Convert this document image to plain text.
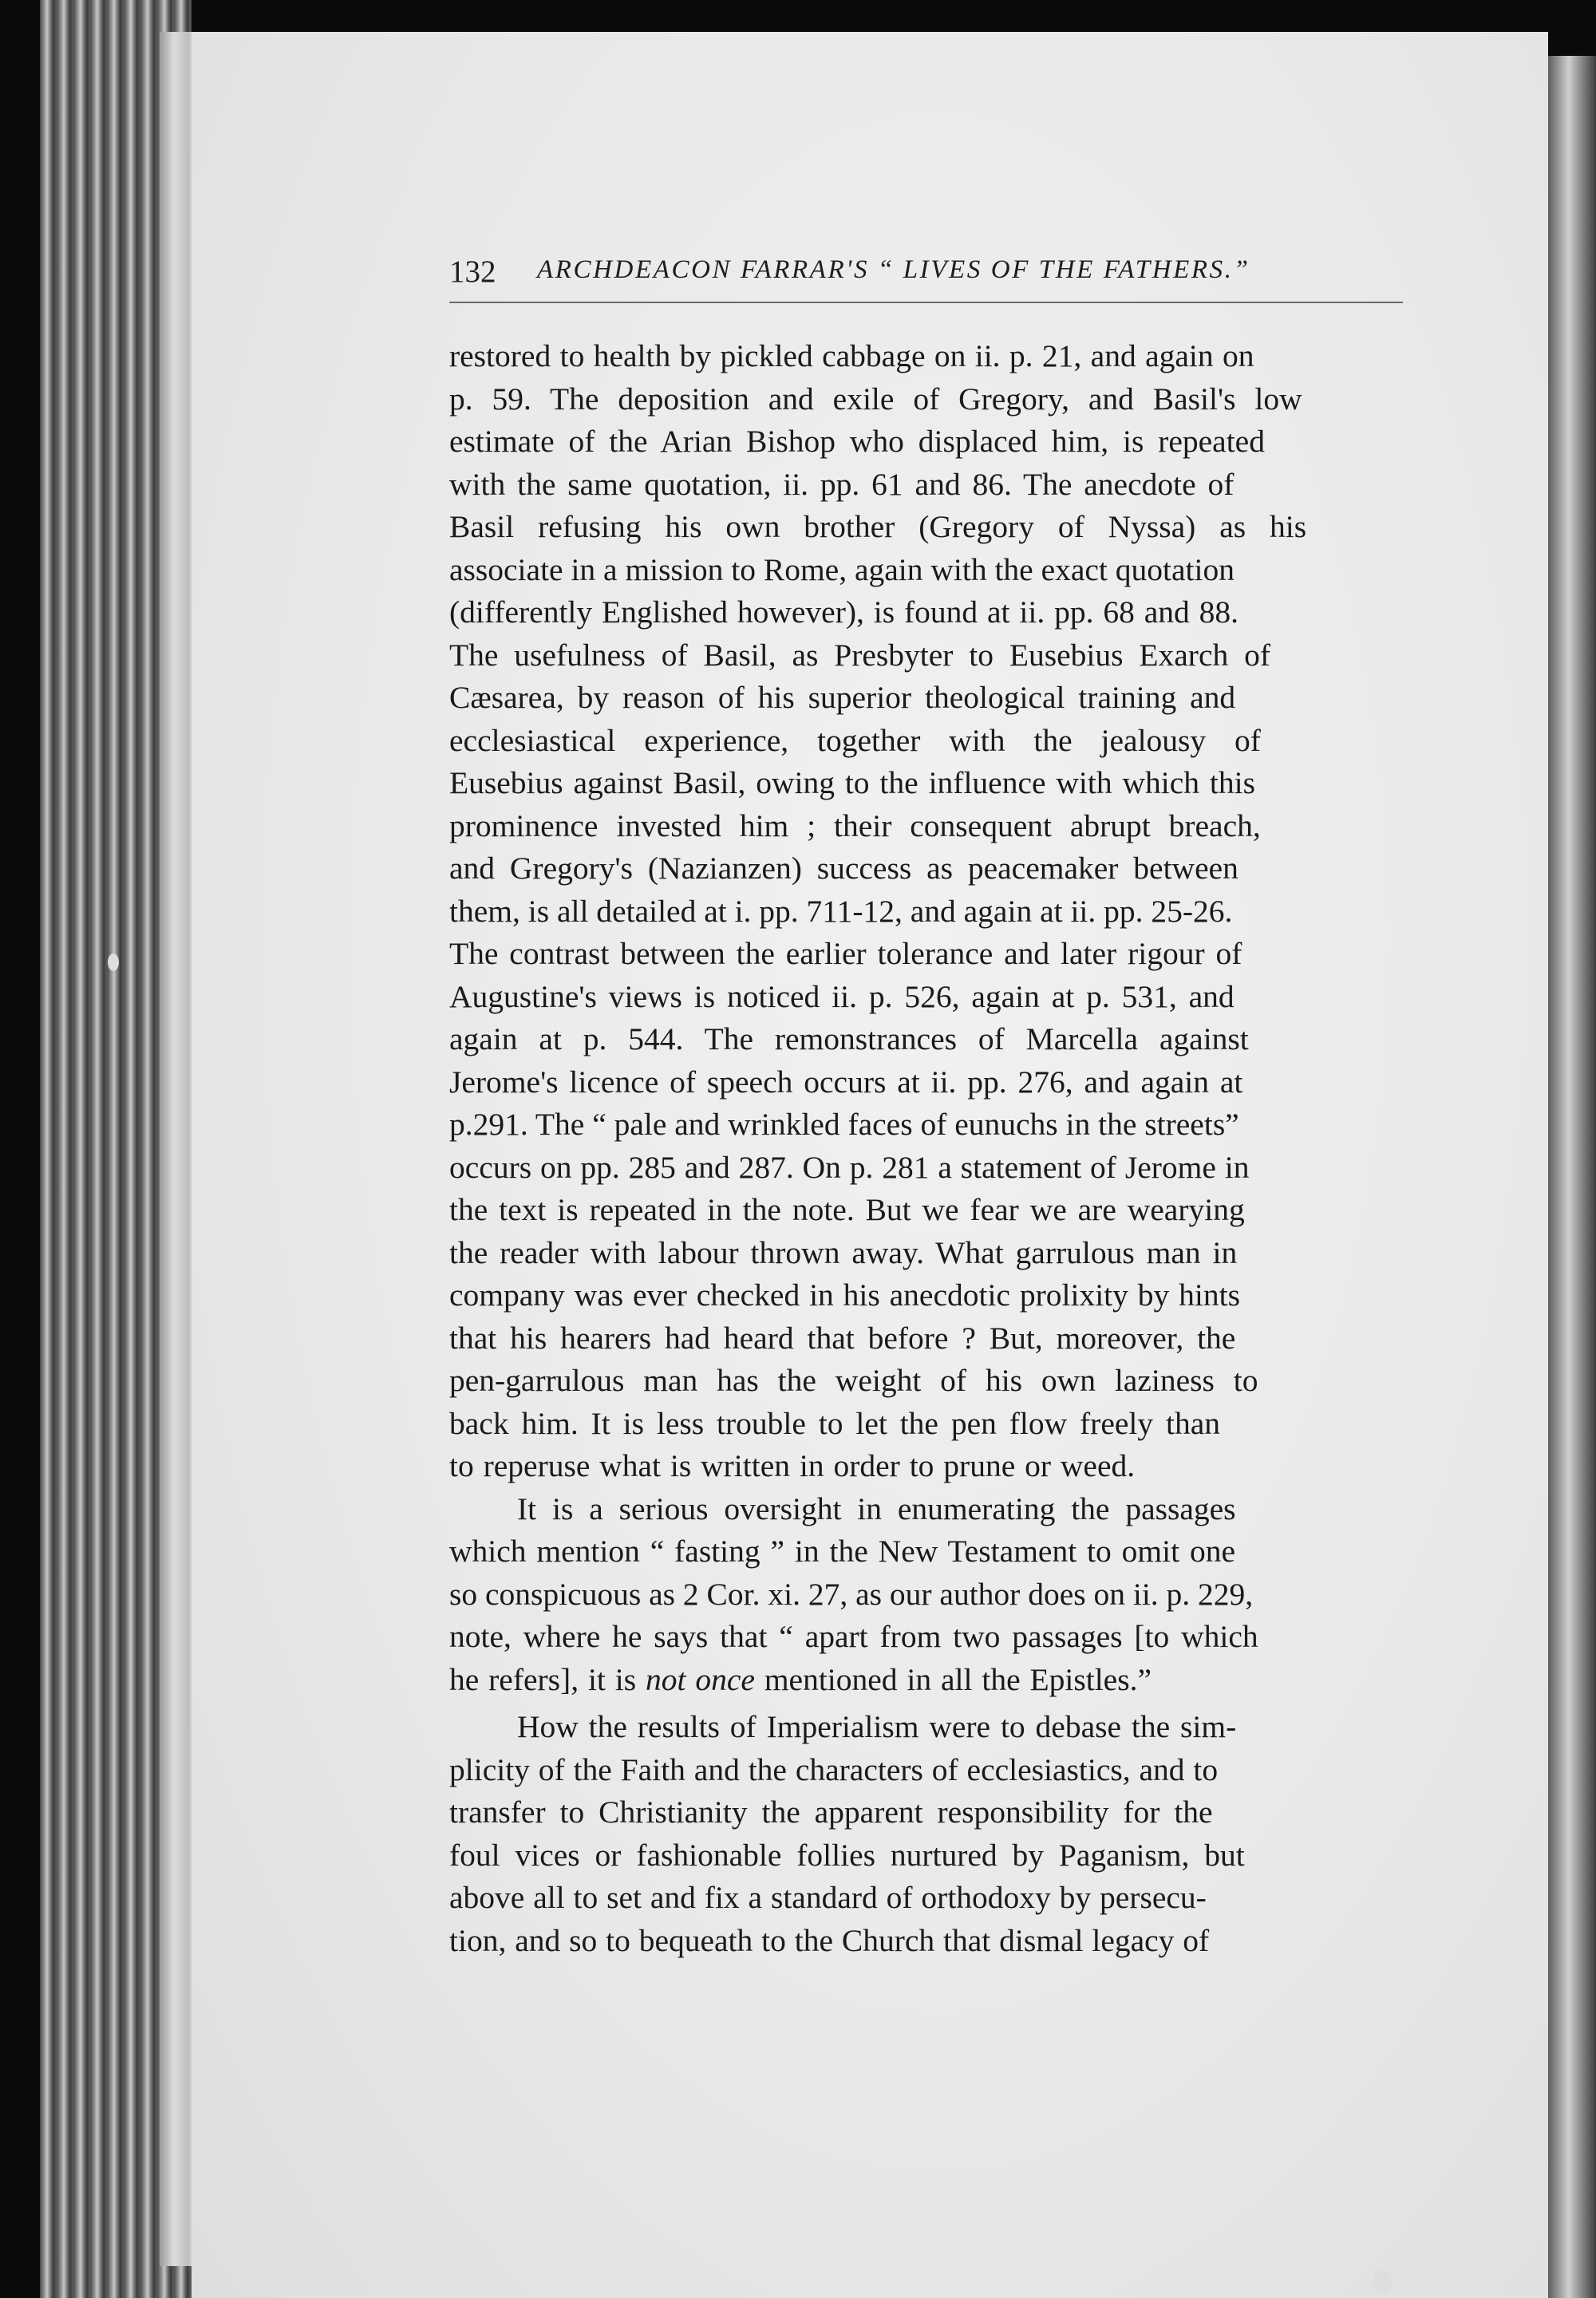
132 ARCHDEACON FARRAR'S “ LIVES OF THE FATHERS.”
restored to health by pickled cabbage on ii. p. 21, and again on
p. 59. The deposition and exile of Gregory, and Basil's low
estimate of the Arian Bishop who displaced him, is repeated
with the same quotation, ii. pp. 61 and 86. The anecdote of
Basil refusing his own brother (Gregory of Nyssa) as his
associate in a mission to Rome, again with the exact quotation
(differently Englished however), is found at ii. pp. 68 and 88.
The usefulness of Basil, as Presbyter to Eusebius Exarch of
Cæsarea, by reason of his superior theological training and
ecclesiastical experience, together with the jealousy of
Eusebius against Basil, owing to the influence with which this
prominence invested him ; their consequent abrupt breach,
and Gregory's (Nazianzen) success as peacemaker between
them, is all detailed at i. pp. 711-12, and again at ii. pp. 25-26.
The contrast between the earlier tolerance and later rigour of
Augustine's views is noticed ii. p. 526, again at p. 531, and
again at p. 544. The remonstrances of Marcella against
Jerome's licence of speech occurs at ii. pp. 276, and again at
p.291. The “ pale and wrinkled faces of eunuchs in the streets”
occurs on pp. 285 and 287. On p. 281 a statement of Jerome in
the text is repeated in the note. But we fear we are wearying
the reader with labour thrown away. What garrulous man in
company was ever checked in his anecdotic prolixity by hints
that his hearers had heard that before ? But, moreover, the
pen-garrulous man has the weight of his own laziness to
back him. It is less trouble to let the pen flow freely than
to reperuse what is written in order to prune or weed.
It is a serious oversight in enumerating the passages
which mention “ fasting ” in the New Testament to omit one
so conspicuous as 2 Cor. xi. 27, as our author does on ii. p. 229,
note, where he says that “ apart from two passages [to which
he refers], it is not once mentioned in all the Epistles.”
How the results of Imperialism were to debase the sim-
plicity of the Faith and the characters of ecclesiastics, and to
transfer to Christianity the apparent responsibility for the
foul vices or fashionable follies nurtured by Paganism, but
above all to set and fix a standard of orthodoxy by persecu-
tion, and so to bequeath to the Church that dismal legacy of
